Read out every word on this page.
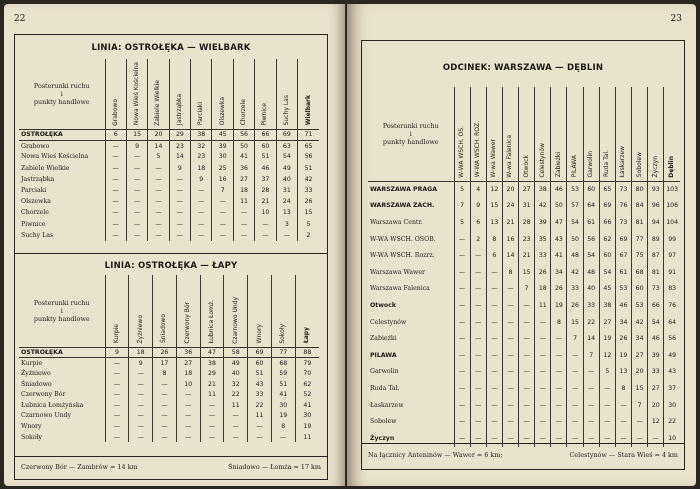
22
LINIA: OSTROŁĘKA — WIELBARK
Posterunki ruchu
i
punkty handlowe	Grabowo	Nowa Wieś Kościelna	Zabiele Wielkie	Jastrząbka	Parciaki	Olszewka	Chorzele	Piwnice	Suchy Las	Wielbark

OSTROŁĘKA	6	15	20	29	38	45	56	66	69	71
Grabowo	—	9	14	23	32	39	50	60	63	65
Nowa Wieś Kościelna	—	—	5	14	23	30	41	51	54	56
Zabiele Wielkie	—	—	—	9	18	25	36	46	49	51
Jastrząbka	—	—	—	—	9	16	27	37	40	42
Parciaki	—	—	—	—	—	7	18	28	31	33
Olszewka	—	—	—	—	—	—	11	21	24	26
Chorzele	—	—	—	—	—	—	—	10	13	15
Piwnice	—	—	—	—	—	—	—	—	3	5
Suchy Las	—	—	—	—	—	—	—	—	—	2
LINIA: OSTROŁĘKA — ŁAPY
Posterunki ruchu
i
punkty handlowe	Kurpie	Żyźniewo	Śniadowo	Czerwony Bór	Łubnica Łomż.	Czarnowo Undy	Wnory	Sokoły	Łapy

OSTROŁĘKA	9	18	26	36	47	58	69	77	88
Kurpie	—	9	17	27	38	49	60	68	79
Żyźniewo	—	—	8	18	29	40	51	59	70
Śniadowo	—	—	—	10	21	32	43	51	62
Czerwony Bór	—	—	—	—	11	22	33	41	52
Łubnica Łomżyńska	—	—	—	—	—	11	22	30	41
Czarnowo Undy	—	—	—	—	—	—	11	19	30
Wnory	—	—	—	—	—	—	—	8	19
Sokoły	—	—	—	—	—	—	—	—	11
Czerwony Bór — Zambrów = 14 km	Śniadowo — Łomża = 17 km
23
ODCINEK: WARSZAWA — DĘBLIN
Posterunki ruchu
i
punkty handlowe	W-WA WSCH. OS.	W-WA WSCH. ROZ.	W-wa Wawer	W-wa Falenica	Otwock	Celestynów	Zabieżki	PILAWA	Garwolin	Ruda Tal.	Łaskarzew	Sobolew	Życzyn	Dęblin

WARSZAWA PRAGA	5	4	12	20	27	38	46	53	60	65	73	80	93	103
WARSZAWA ZACH.	7	9	15	24	31	42	50	57	64	69	76	84	96	106
Warszawa Centr.	5	6	13	21	28	39	47	54	61	66	73	81	94	104
W-WA WSCH. OSOB.	—	2	8	16	23	35	43	50	56	62	69	77	89	99
W-WA WSCH. Rozrz.	—	—	6	14	21	33	41	48	54	60	67	75	87	97
Warszawa Wawer	—	—	—	8	15	26	34	42	48	54	61	68	81	91
Warszawa Falenica	—	—	—	—	7	18	26	33	40	45	53	60	73	83
Otwock	—	—	—	—	—	11	19	26	33	38	46	53	66	76
Celestynów	—	—	—	—	—	—	8	15	22	27	34	42	54	64
Zabieżki	—	—	—	—	—	—	—	7	14	19	26	34	46	56
PILAWA	—	—	—	—	—	—	—	—	7	12	19	27	39	49
Garwolin	—	—	—	—	—	—	—	—	—	5	13	20	33	43
Ruda Tal.	—	—	—	—	—	—	—	—	—	—	8	15	27	37
Łaskarzew	—	—	—	—	—	—	—	—	—	—	—	7	20	30
Sobolew	—	—	—	—	—	—	—	—	—	—	—	—	12	22
Życzyn	—	—	—	—	—	—	—	—	—	—	—	—	—	10
Na łącznicy Anteninów — Wawer = 6 km;	Celestynów — Stara Wieś = 4 km
